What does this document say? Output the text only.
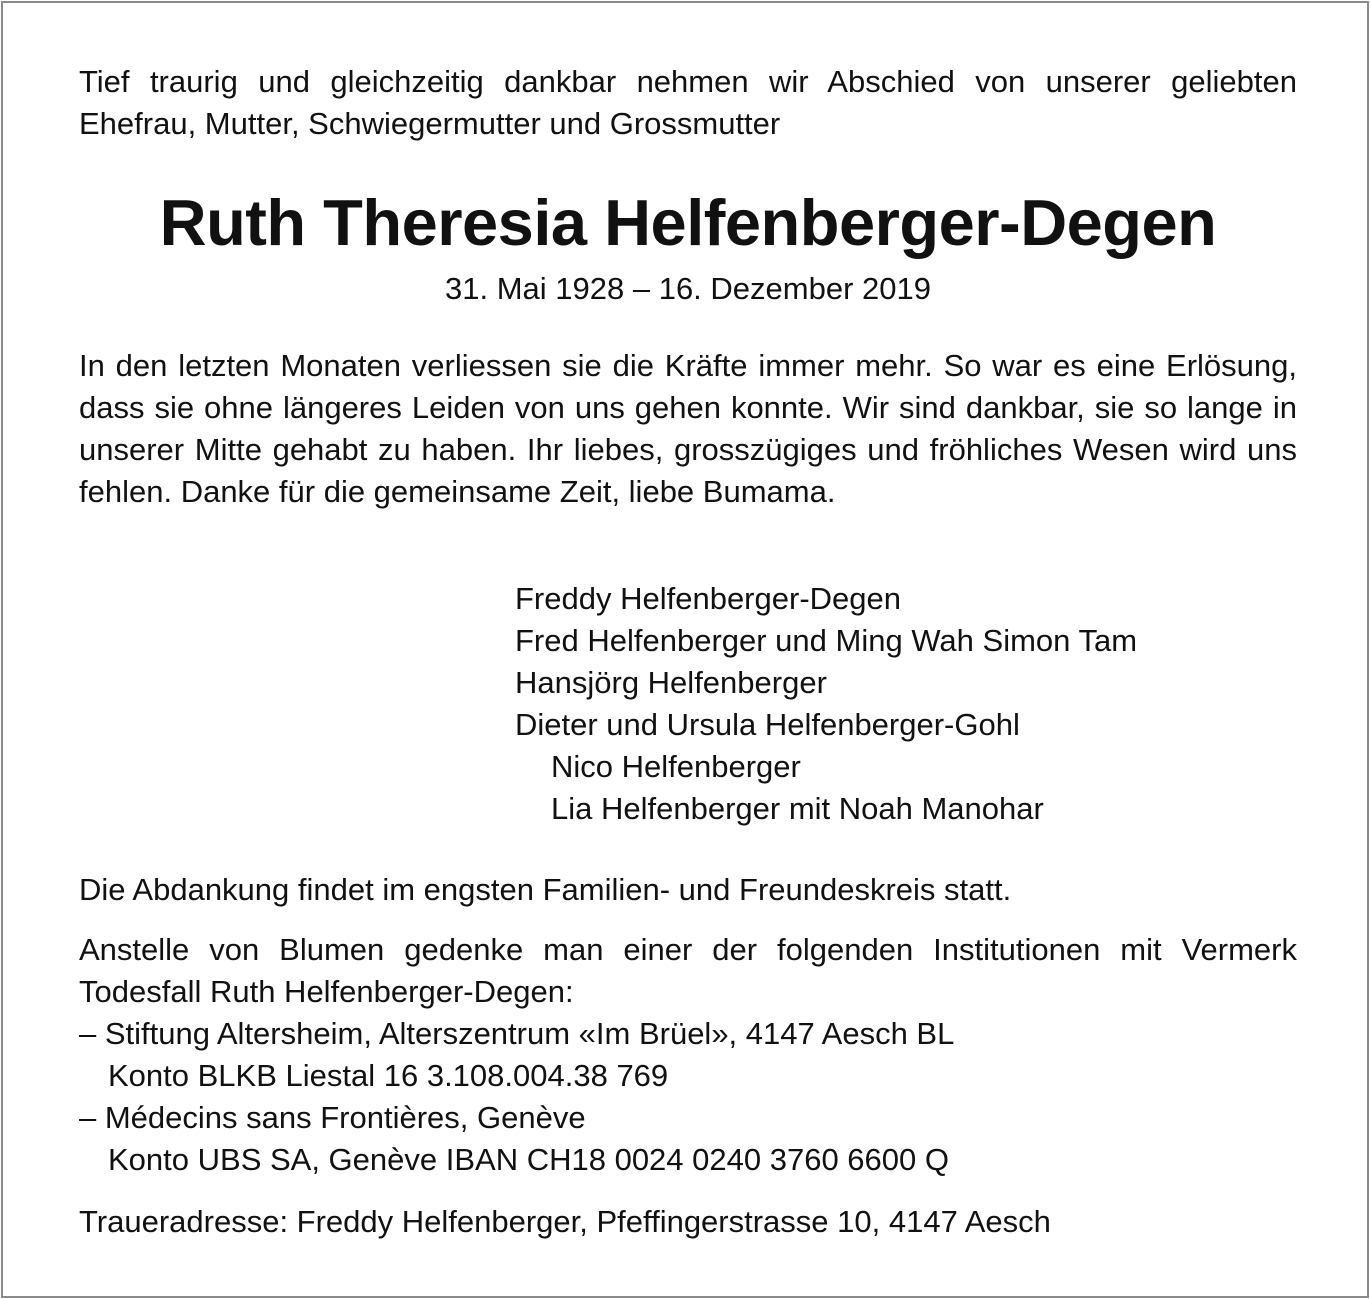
Tief traurig und gleichzeitig dankbar nehmen wir Abschied von unserer geliebten Ehefrau, Mutter, Schwiegermutter und Grossmutter

Ruth Theresia Helfenberger-Degen

31. Mai 1928 – 16. Dezember 2019

In den letzten Monaten verliessen sie die Kräfte immer mehr. So war es eine Erlösung, dass sie ohne längeres Leiden von uns gehen konnte. Wir sind dankbar, sie so lange in unserer Mitte gehabt zu haben. Ihr liebes, grosszügiges und fröhliches Wesen wird uns fehlen. Danke für die gemeinsame Zeit, liebe Bumama.

Freddy Helfenberger-Degen
Fred Helfenberger und Ming Wah Simon Tam
Hansjörg Helfenberger
Dieter und Ursula Helfenberger-Gohl
Nico Helfenberger
Lia Helfenberger mit Noah Manohar

Die Abdankung findet im engsten Familien- und Freundeskreis statt.

Anstelle von Blumen gedenke man einer der folgenden Institutionen mit Vermerk Todesfall Ruth Helfenberger-Degen:

– Stiftung Altersheim, Alterszentrum «Im Brüel», 4147 Aesch BL
Konto BLKB Liestal 16 3.108.004.38 769
– Médecins sans Frontières, Genève
Konto UBS SA, Genève IBAN CH18 0024 0240 3760 6600 Q

Traueradresse: Freddy Helfenberger, Pfeffingerstrasse 10, 4147 Aesch
